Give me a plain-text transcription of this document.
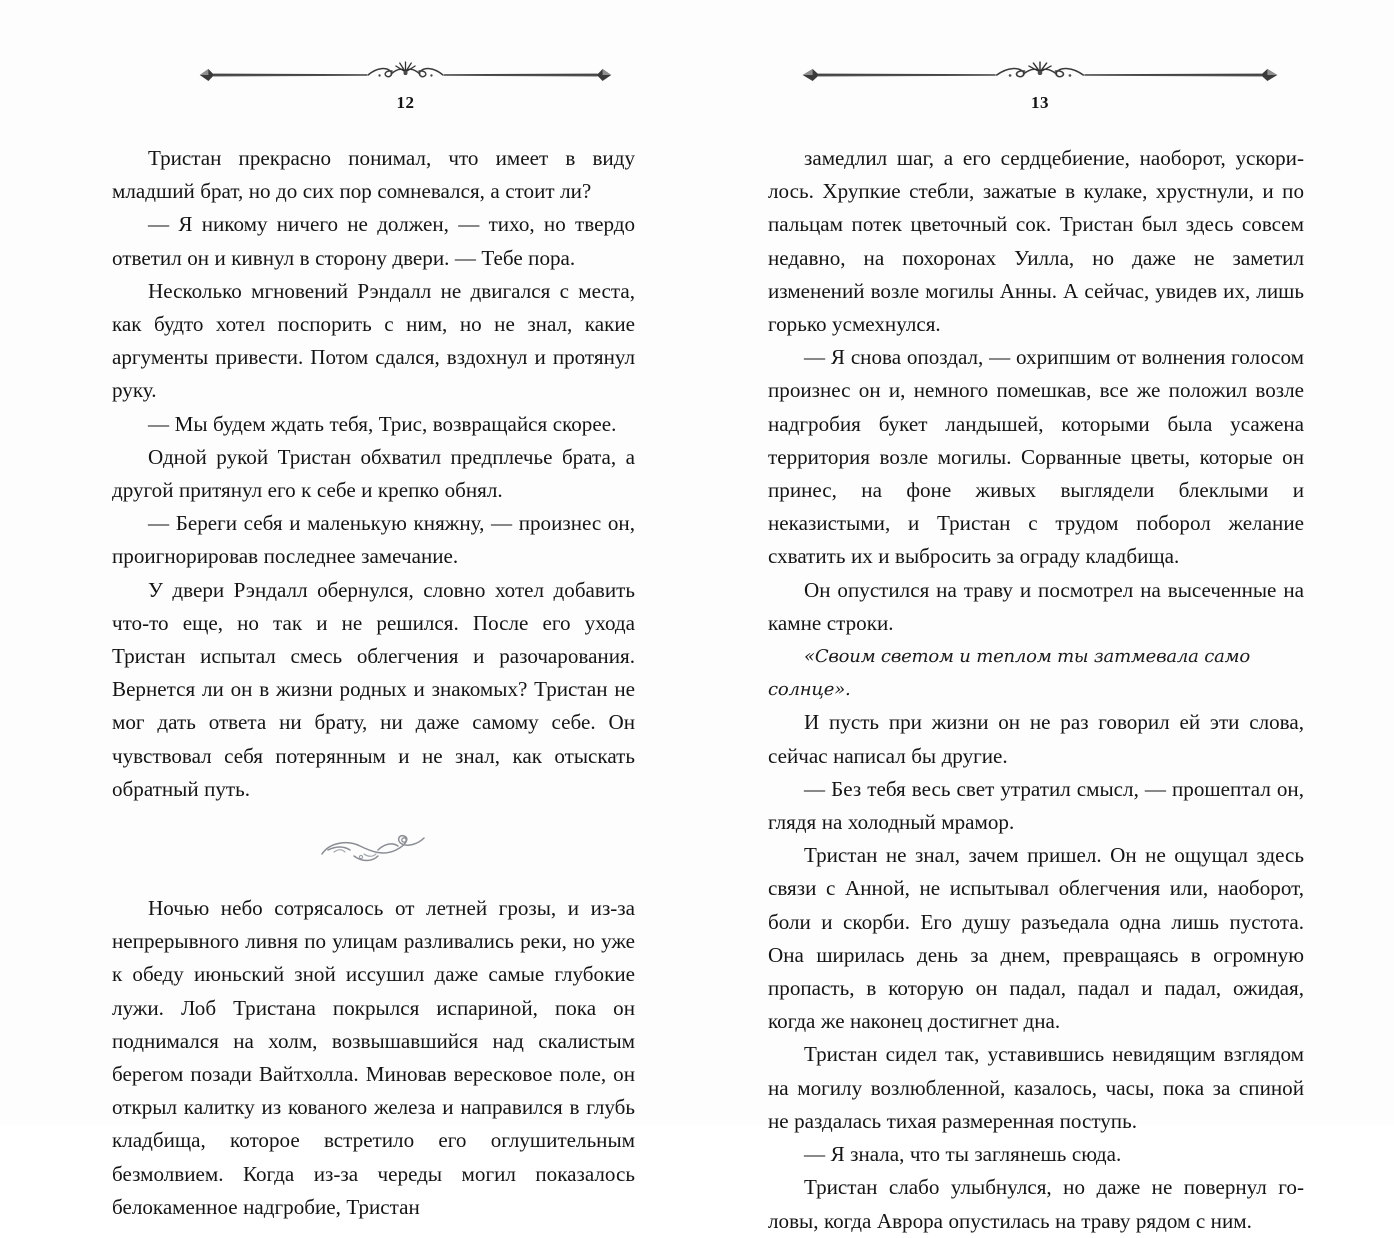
12

Тристан прекрасно понимал, что имеет в виду младший брат, но до сих пор сомневался, а стоит ли?

— Я никому ничего не должен, — тихо, но твердо ответил он и кивнул в сторону двери. — Тебе пора.

Несколько мгновений Рэндалл не двигался с места, как будто хотел поспорить с ним, но не знал, какие аргументы привести. Потом сдался, вздохнул и протянул руку.

— Мы будем ждать тебя, Трис, возвращайся скорее.

Одной рукой Тристан обхватил предплечье брата, а другой притянул его к себе и крепко обнял.

— Береги себя и маленькую княжну, — произнес он, проигнорировав последнее замечание.

У двери Рэндалл обернулся, словно хотел добавить что-то еще, но так и не решился. После его ухода Тристан испытал смесь облегчения и разочарования. Вернется ли он в жизни родных и знакомых? Тристан не мог дать ответа ни брату, ни даже самому себе. Он чувствовал себя потерянным и не знал, как отыскать обратный путь.

Ночью небо сотрясалось от летней грозы, и из-за непрерывного ливня по улицам разливались реки, но уже к обеду июньский зной иссушил даже самые глубокие лужи. Лоб Тристана покрылся испариной, пока он поднимался на холм, возвышавшийся над скалистым берегом позади Вайтхолла. Миновав вересковое поле, он открыл калитку из кованого железа и направился в глубь кладбища, которое встретило его оглушительным безмолвием. Когда из-за череды могил показалось белокаменное надгробие, Тристан

13

замедлил шаг, а его сердцебиение, наоборот, ускорилось. Хрупкие стебли, зажатые в кулаке, хрустнули, и по пальцам потек цветочный сок. Тристан был здесь совсем недавно, на похоронах Уилла, но даже не заметил изменений возле могилы Анны. А сейчас, увидев их, лишь горько усмехнулся.

— Я снова опоздал, — охрипшим от волнения голосом произнес он и, немного помешкав, все же положил возле надгробия букет ландышей, которыми была усажена территория возле могилы. Сорванные цветы, которые он принес, на фоне живых выглядели блеклыми и неказистыми, и Тристан с трудом поборол желание схватить их и выбросить за ограду кладбища.

Он опустился на траву и посмотрел на высеченные на камне строки.

«Своим светом и теплом ты затмевала само солнце».

И пусть при жизни он не раз говорил ей эти слова, сейчас написал бы другие.

— Без тебя весь свет утратил смысл, — прошептал он, глядя на холодный мрамор.

Тристан не знал, зачем пришел. Он не ощущал здесь связи с Анной, не испытывал облегчения или, наоборот, боли и скорби. Его душу разъедала одна лишь пустота. Она ширилась день за днем, превращаясь в огромную пропасть, в которую он падал, падал и падал, ожидая, когда же наконец достигнет дна.

Тристан сидел так, уставившись невидящим взглядом на могилу возлюбленной, казалось, часы, пока за спиной не раздалась тихая размеренная поступь.

— Я знала, что ты заглянешь сюда.

Тристан слабо улыбнулся, но даже не повернул головы, когда Аврора опустилась на траву рядом с ним.
